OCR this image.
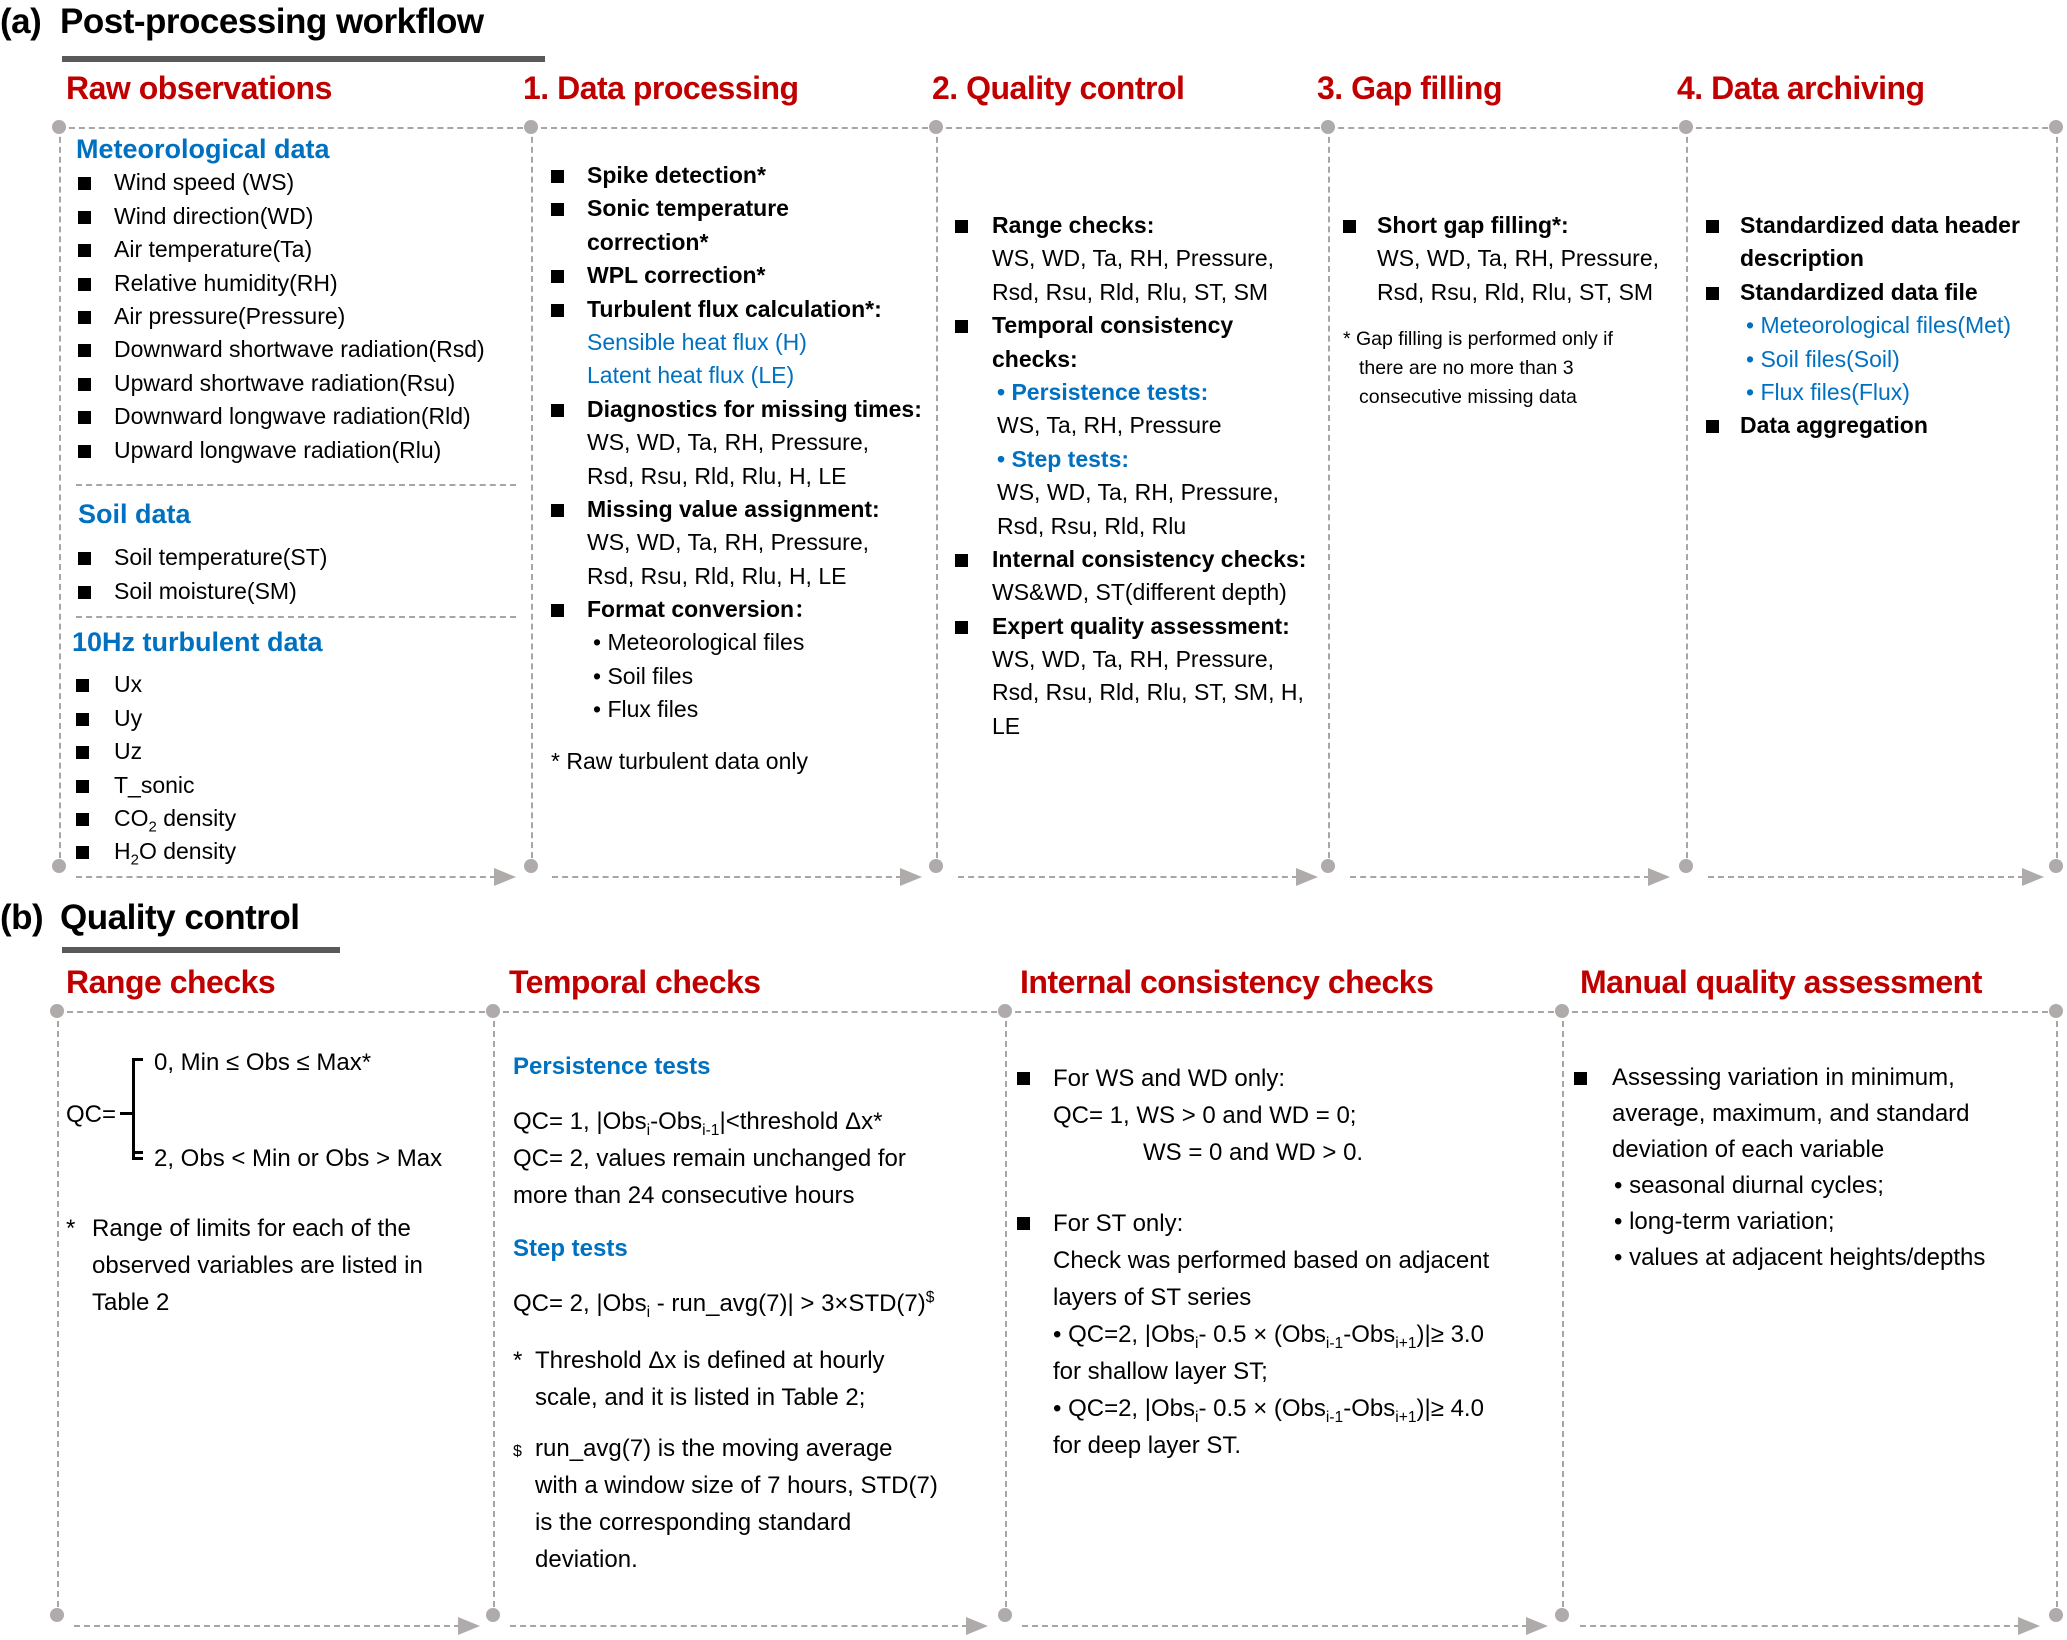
(a) Post-processing workflow
Raw observations	1. Data processing	2. Quality control	3. Gap filling	4. Data archiving
Meteorological data
Wind speed (WS)
Wind direction(WD)
Air temperature(Ta)
Relative humidity(RH)
Air pressure(Pressure)
Downward shortwave radiation(Rsd)
Upward shortwave radiation(Rsu)
Downward longwave radiation(Rld)
Upward longwave radiation(Rlu)
Soil data
Soil temperature(ST)
Soil moisture(SM)
10Hz turbulent data
Ux
Uy
Uz
T_sonic
$CO_2$ density
$H_2O$ density
Spike detection*
Sonic temperature
correction*
WPL correction*
Turbulent flux calculation*:
Sensible heat flux (H)
Latent heat flux (LE)
Diagnostics for missing times:
WS, WD, Ta, RH, Pressure,
Rsd, Rsu, Rld, Rlu, H, LE
Missing value assignment:
WS, WD, Ta, RH, Pressure,
Rsd, Rsu, Rld, Rlu, H, LE
Format conversion：
• Meteorological files
• Soil files
• Flux files
* Raw turbulent data only
Range checks:
WS, WD, Ta, RH, Pressure,
Rsd, Rsu, Rld, Rlu, ST, SM
Temporal consistency
checks:
• Persistence tests:
WS, Ta, RH, Pressure
• Step tests:
WS, WD, Ta, RH, Pressure,
Rsd, Rsu, Rld, Rlu
Internal consistency checks:
WS&WD, ST(different depth)
Expert quality assessment:
WS, WD, Ta, RH, Pressure,
Rsd, Rsu, Rld, Rlu, ST, SM, H,
LE
Short gap filling*:
WS, WD, Ta, RH, Pressure,
Rsd, Rsu, Rld, Rlu, ST, SM
* Gap filling is performed only if
there are no more than 3
consecutive missing data
Standardized data header
description
Standardized data file
• Meteorological files(Met)
• Soil files(Soil)
• Flux files(Flux)
Data aggregation
(b) Quality control
Range checks	Temporal checks	Internal consistency checks	Manual quality assessment
QC=
0, Min ≤ Obs ≤ Max*
2, Obs < Min or Obs > Max
* Range of limits for each of the
observed variables are listed in
Table 2
Persistence tests
QC= 1, |Obs$_i$-Obs$_{i-1}$|<threshold Δx*
QC= 2, values remain unchanged for
more than 24 consecutive hours
Step tests
QC= 2, |Obs$_i$ - run_avg(7)| > 3×STD(7)$
* Threshold Δx is defined at hourly
scale, and it is listed in Table 2;
$ run_avg(7) is the moving average
with a window size of 7 hours, STD(7)
is the corresponding standard
deviation.
For WS and WD only:
QC= 1, WS > 0 and WD = 0;
WS = 0 and WD > 0.
For ST only:
Check was performed based on adjacent
layers of ST series
• QC=2, |Obs$_i$- 0.5 × (Obs$_{i-1}$-Obs$_{i+1}$)|≥ 3.0
for shallow layer ST;
• QC=2, |Obs$_i$- 0.5 × (Obs$_{i-1}$-Obs$_{i+1}$)|≥ 4.0
for deep layer ST.
Assessing variation in minimum,
average, maximum, and standard
deviation of each variable
• seasonal diurnal cycles;
• long-term variation;
• values at adjacent heights/depths
